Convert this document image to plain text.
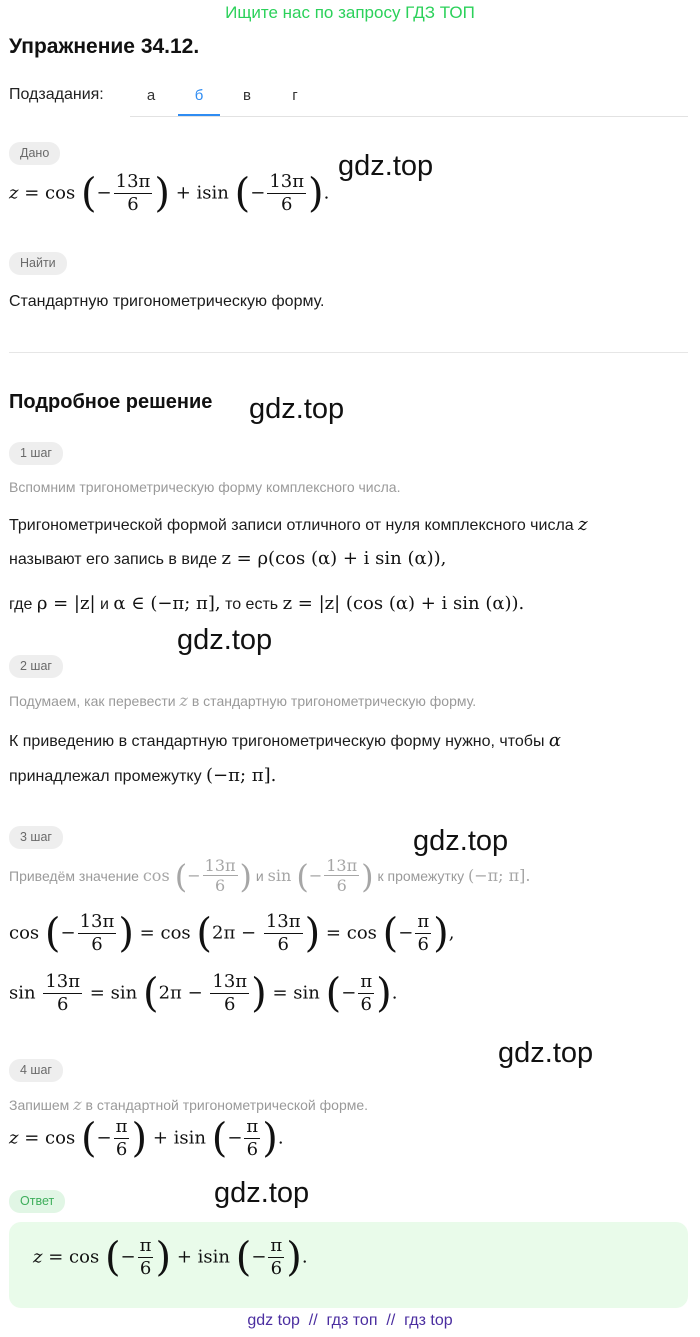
Ищите нас по запросу ГДЗ ТОП
Упражнение 34.12.
Подзадания:	а	б	в	г
Дано
z = cos (− $\frac{13\pi}{6}$ ) + isin (− $\frac{13\pi}{6}$ ).
gdz.top
Найти
Стандартную тригонометрическую форму.
Подробное решение gdz.top
1 шаг
Вспомним тригонометрическую форму комплексного числа.
Тригонометрической формой записи отличного от нуля комплексного числа z
называют его запись в виде z = ρ(cos (α) + i sin (α)),
где ρ = |z| и α ∈ (−π; π], то есть z = |z| (cos (α) + i sin (α)).
gdz.top
2 шаг
Подумаем, как перевести z в стандартную тригонометрическую форму.
К приведению в стандартную тригонометрическую форму нужно, чтобы α
принадлежал промежутку (−π; π].
gdz.top
3 шаг
Приведём значение cos (− $\frac{13\pi}{6}$ ) и sin (− $\frac{13\pi}{6}$ ) к промежутку (−π; π].
cos (− $\frac{13\pi}{6}$ ) = $\cos (2\pi - \frac{13\pi}{6}$ ) = cos (− $\frac{\pi}{6}$ ),
$\sin \frac{13\pi}{6} = \sin (2\pi - \frac{13\pi}{6}$ ) = sin (− $\frac{\pi}{6}$ ).
gdz.top
4 шаг
Запишем z в стандартной тригонометрической форме.
z = cos (− $\frac{\pi}{6}$ ) + isin (− $\frac{\pi}{6}$ ).
gdz.top
Ответ
z = cos (− $\frac{\pi}{6}$ ) + isin (− $\frac{\pi}{6}$ ).
gdz top  //  гдз топ  //  гдз top
